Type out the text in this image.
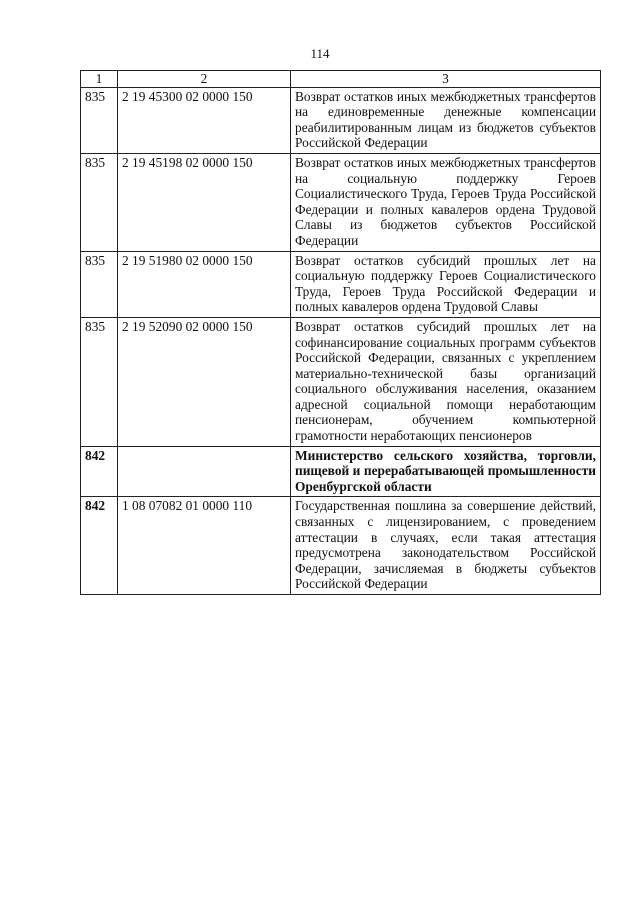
114
1	2	3
835	2 19 45300 02 0000 150	Возврат остатков иных межбюджетных трансфертов на единовременные денежные компенсации реабилитированным лицам из бюджетов субъектов Российской Федерации
835	2 19 45198 02 0000 150	Возврат остатков иных межбюджетных трансфертов на социальную поддержку Героев Социалистического Труда, Героев Труда Российской Федерации и полных кавалеров ордена Трудовой Славы из бюджетов субъектов Российской Федерации
835	2 19 51980 02 0000 150	Возврат остатков субсидий прошлых лет на социальную поддержку Героев Социалистического Труда, Героев Труда Российской Федерации и полных кавалеров ордена Трудовой Славы
835	2 19 52090 02 0000 150	Возврат остатков субсидий прошлых лет на софинансирование социальных программ субъектов Российской Федерации, связанных с укреплением материально-технической базы организаций социального обслуживания населения, оказанием адресной социальной помощи неработающим пенсионерам, обучением компьютерной грамотности неработающих пенсионеров
842		Министерство сельского хозяйства, торговли, пищевой и перерабатывающей промышленности Оренбургской области
842	1 08 07082 01 0000 110	Государственная пошлина за совершение действий, связанных с лицензированием, с проведением аттестации в случаях, если такая аттестация предусмотрена законодательством Российской Федерации, зачисляемая в бюджеты субъектов Российской Федерации
